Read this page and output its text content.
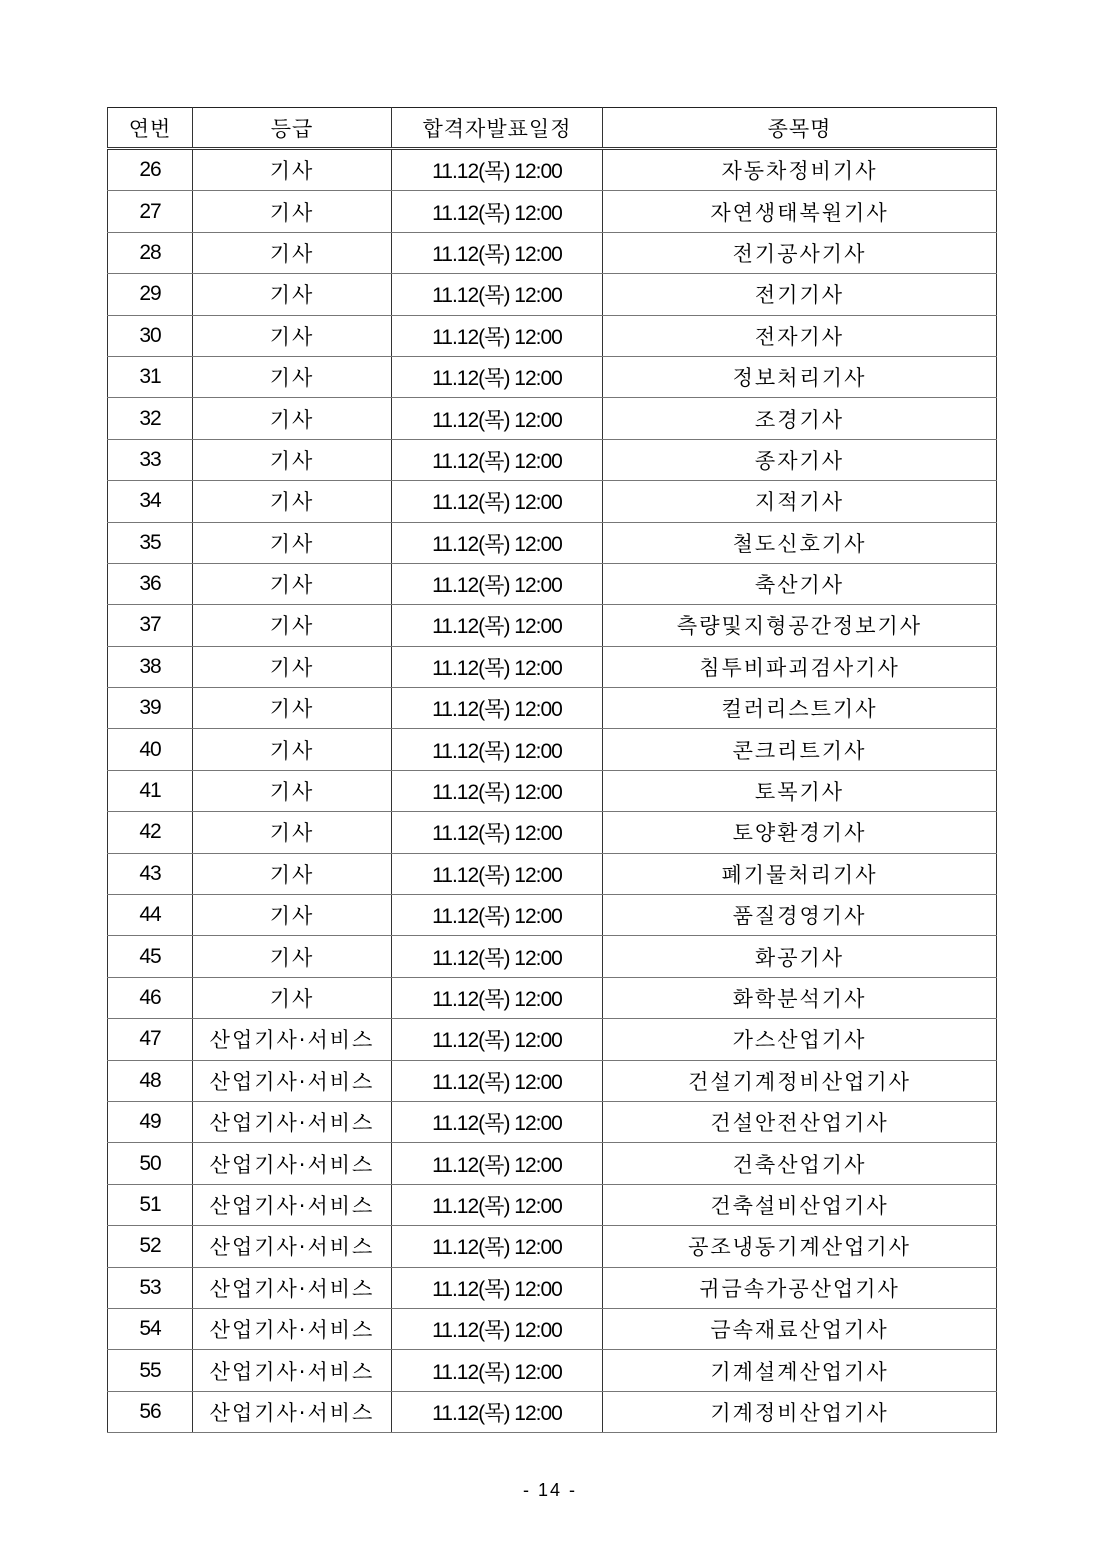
연번	등급	합격자발표일정	종목명
26	기사	11.12(목) 12:00	자동차정비기사
27	기사	11.12(목) 12:00	자연생태복원기사
28	기사	11.12(목) 12:00	전기공사기사
29	기사	11.12(목) 12:00	전기기사
30	기사	11.12(목) 12:00	전자기사
31	기사	11.12(목) 12:00	정보처리기사
32	기사	11.12(목) 12:00	조경기사
33	기사	11.12(목) 12:00	종자기사
34	기사	11.12(목) 12:00	지적기사
35	기사	11.12(목) 12:00	철도신호기사
36	기사	11.12(목) 12:00	축산기사
37	기사	11.12(목) 12:00	측량및지형공간정보기사
38	기사	11.12(목) 12:00	침투비파괴검사기사
39	기사	11.12(목) 12:00	컬러리스트기사
40	기사	11.12(목) 12:00	콘크리트기사
41	기사	11.12(목) 12:00	토목기사
42	기사	11.12(목) 12:00	토양환경기사
43	기사	11.12(목) 12:00	폐기물처리기사
44	기사	11.12(목) 12:00	품질경영기사
45	기사	11.12(목) 12:00	화공기사
46	기사	11.12(목) 12:00	화학분석기사
47	산업기사·서비스	11.12(목) 12:00	가스산업기사
48	산업기사·서비스	11.12(목) 12:00	건설기계정비산업기사
49	산업기사·서비스	11.12(목) 12:00	건설안전산업기사
50	산업기사·서비스	11.12(목) 12:00	건축산업기사
51	산업기사·서비스	11.12(목) 12:00	건축설비산업기사
52	산업기사·서비스	11.12(목) 12:00	공조냉동기계산업기사
53	산업기사·서비스	11.12(목) 12:00	귀금속가공산업기사
54	산업기사·서비스	11.12(목) 12:00	금속재료산업기사
55	산업기사·서비스	11.12(목) 12:00	기계설계산업기사
56	산업기사·서비스	11.12(목) 12:00	기계정비산업기사
- 14 -
